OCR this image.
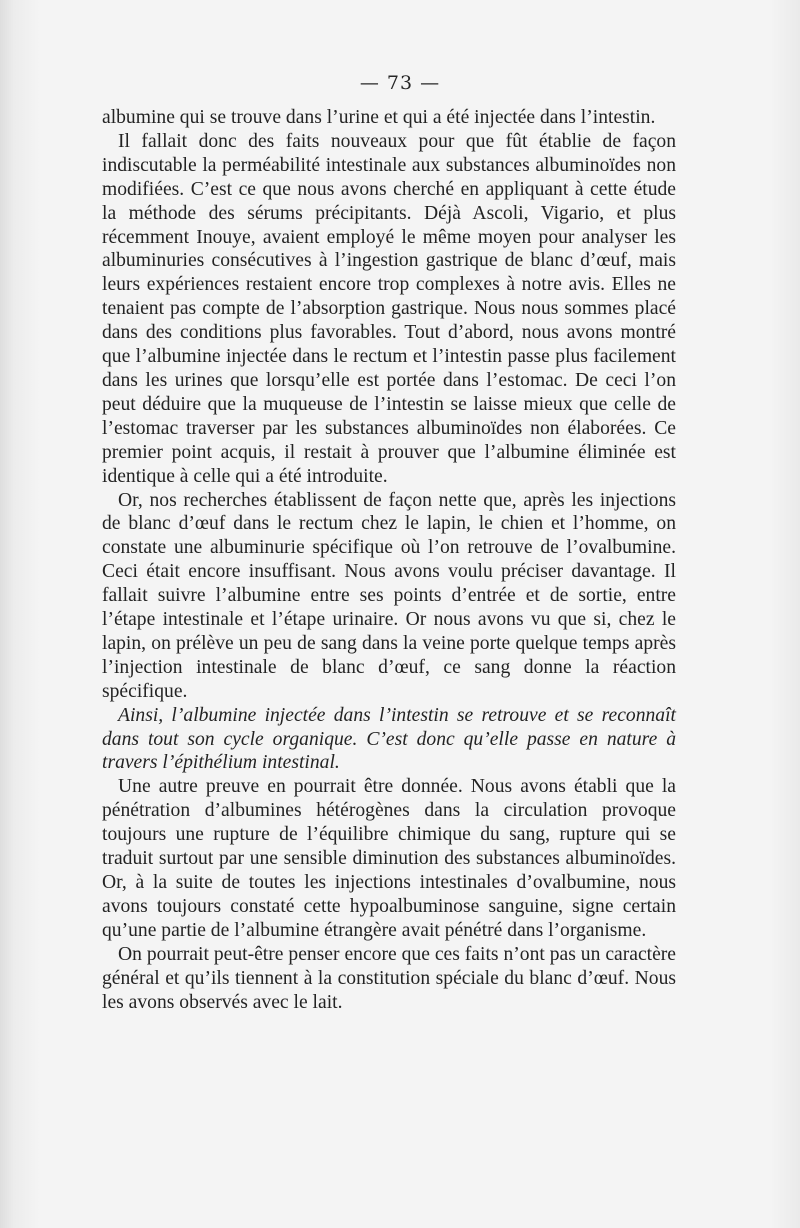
— 73 —

albumine qui se trouve dans l’urine et qui a été injectée dans l’intestin.

Il fallait donc des faits nouveaux pour que fût établie de façon indiscutable la perméabilité intestinale aux substances albuminoïdes non modifiées. C’est ce que nous avons cherché en appliquant à cette étude la méthode des sérums précipitants. Déjà Ascoli, Vigario, et plus récemment Inouye, avaient employé le même moyen pour analyser les albuminuries consécutives à l’ingestion gastrique de blanc d’œuf, mais leurs expériences restaient encore trop complexes à notre avis. Elles ne tenaient pas compte de l’absorption gastrique. Nous nous sommes placé dans des conditions plus favorables. Tout d’abord, nous avons montré que l’albumine injectée dans le rectum et l’intestin passe plus facilement dans les urines que lorsqu’elle est portée dans l’estomac. De ceci l’on peut déduire que la muqueuse de l’intestin se laisse mieux que celle de l’estomac traverser par les substances albuminoïdes non élaborées. Ce premier point acquis, il restait à prouver que l’albumine éliminée est identique à celle qui a été introduite.

Or, nos recherches établissent de façon nette que, après les injections de blanc d’œuf dans le rectum chez le lapin, le chien et l’homme, on constate une albuminurie spécifique où l’on retrouve de l’ovalbumine. Ceci était encore insuffisant. Nous avons voulu préciser davantage. Il fallait suivre l’albumine entre ses points d’entrée et de sortie, entre l’étape intestinale et l’étape urinaire. Or nous avons vu que si, chez le lapin, on prélève un peu de sang dans la veine porte quelque temps après l’injection intestinale de blanc d’œuf, ce sang donne la réaction spécifique.

Ainsi, l’albumine injectée dans l’intestin se retrouve et se reconnaît dans tout son cycle organique. C’est donc qu’elle passe en nature à travers l’épithélium intestinal.

Une autre preuve en pourrait être donnée. Nous avons établi que la pénétration d’albumines hétérogènes dans la circulation provoque toujours une rupture de l’équilibre chimique du sang, rupture qui se traduit surtout par une sensible diminution des substances albuminoïdes. Or, à la suite de toutes les injections intestinales d’ovalbumine, nous avons toujours constaté cette hypoalbuminose sanguine, signe certain qu’une partie de l’albumine étrangère avait pénétré dans l’organisme.

On pourrait peut-être penser encore que ces faits n’ont pas un caractère général et qu’ils tiennent à la constitution spéciale du blanc d’œuf. Nous les avons observés avec le lait.
